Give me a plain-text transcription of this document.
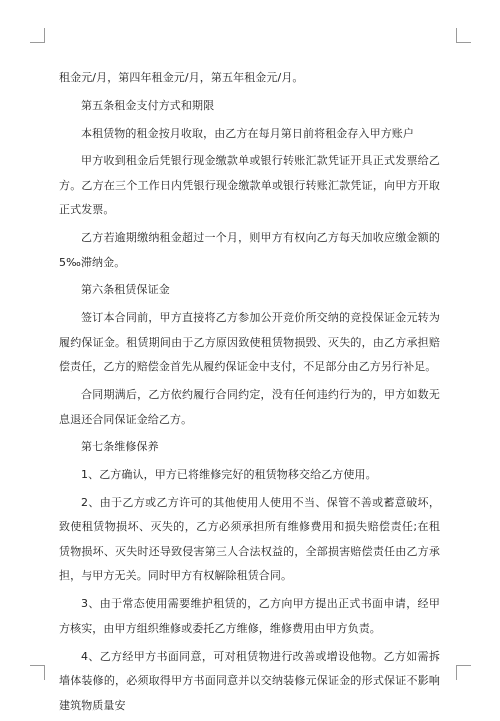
租金元/月，第四年租金元/月，第五年租金元/月。

第五条租金支付方式和期限

本租赁物的租金按月收取，由乙方在每月第日前将租金存入甲方账户

甲方收到租金后凭银行现金缴款单或银行转账汇款凭证开具正式发票给乙方。乙方在三个工作日内凭银行现金缴款单或银行转账汇款凭证，向甲方开取正式发票。

乙方若逾期缴纳租金超过一个月，则甲方有权向乙方每天加收应缴金额的5‰滞纳金。

第六条租赁保证金

签订本合同前，甲方直接将乙方参加公开竞价所交纳的竞投保证金元转为履约保证金。租赁期间由于乙方原因致使租赁物损毁、灭失的，由乙方承担赔偿责任，乙方的赔偿金首先从履约保证金中支付，不足部分由乙方另行补足。

合同期满后，乙方依约履行合同约定，没有任何违约行为的，甲方如数无息退还合同保证金给乙方。

第七条维修保养

1、乙方确认，甲方已将维修完好的租赁物移交给乙方使用。

2、由于乙方或乙方许可的其他使用人使用不当、保管不善或蓄意破坏，致使租赁物损坏、灭失的，乙方必须承担所有维修费用和损失赔偿责任;在租赁物损坏、灭失时还导致侵害第三人合法权益的，全部损害赔偿责任由乙方承担，与甲方无关。同时甲方有权解除租赁合同。

3、由于常态使用需要维护租赁的，乙方向甲方提出正式书面申请，经甲方核实，由甲方组织维修或委托乙方维修，维修费用由甲方负责。

4、乙方经甲方书面同意，可对租赁物进行改善或增设他物。乙方如需拆墙体装修的，必须取得甲方书面同意并以交纳装修元保证金的形式保证不影响建筑物质量安
